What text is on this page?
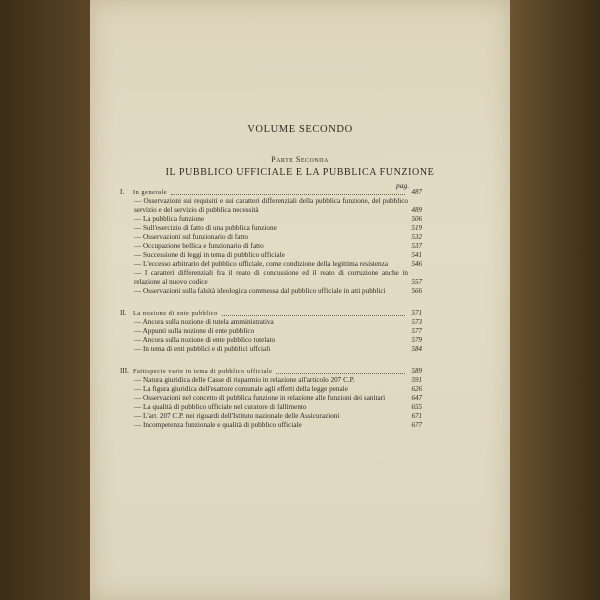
VOLUME SECONDO
Parte Seconda
IL PUBBLICO UFFICIALE E LA PUBBLICA FUNZIONE
pag.
I.	In generale	487
— Osservazioni sui requisiti e sui caratteri differenziali della pubblica funzione, del pubblico servizio e del servizio di pubblica necessità	489
— La pubblica funzione	506
— Sull'esercizio di fatto di una pubblica funzione	519
— Osservazioni sul funzionario di fatto	532
— Occupazione bellica e funzionario di fatto	537
— Successione di leggi in tema di pubblico ufficiale	541
— L'eccesso arbitrario del pubblico ufficiale, come condizione della legittima resistenza	546
— I caratteri differenziali fra il reato di concussione ed il reato di corruzione anche in relazione al nuovo codice	557
— Osservazioni sulla falsità ideologica commessa dal pubblico ufficiale in atti pubblici	566
II.	La nozione di ente pubblico	571
— Ancora sulla nozione di tutela amministrativa	573
— Appunti sulla nozione di ente pubblico	577
— Ancora sulla nozione di ente pubblico tutelato	579
— In tema di enti pubblici e di pubblici uffciali	584
III. Fattispecie varie in tema di pubblico ufficiale	589
— Natura giuridica delle Casse di risparmio in relazione all'articolo 207 C.P.	591
— La figura giuridica dell'esattore comunale agli effetti della legge penale	626
— Osservazioni nel concetto di pubblica funzione in relazione alle funzioni dei sanitari	647
— La qualità di pubblico ufficiale nel curatore di fallimento	655
— L'art. 207 C.P. nei riguardi dell'Istituto nazionale delle Assicurazioni	671
— Incompetenza funzionale e qualità di pubblico ufficiale	677
